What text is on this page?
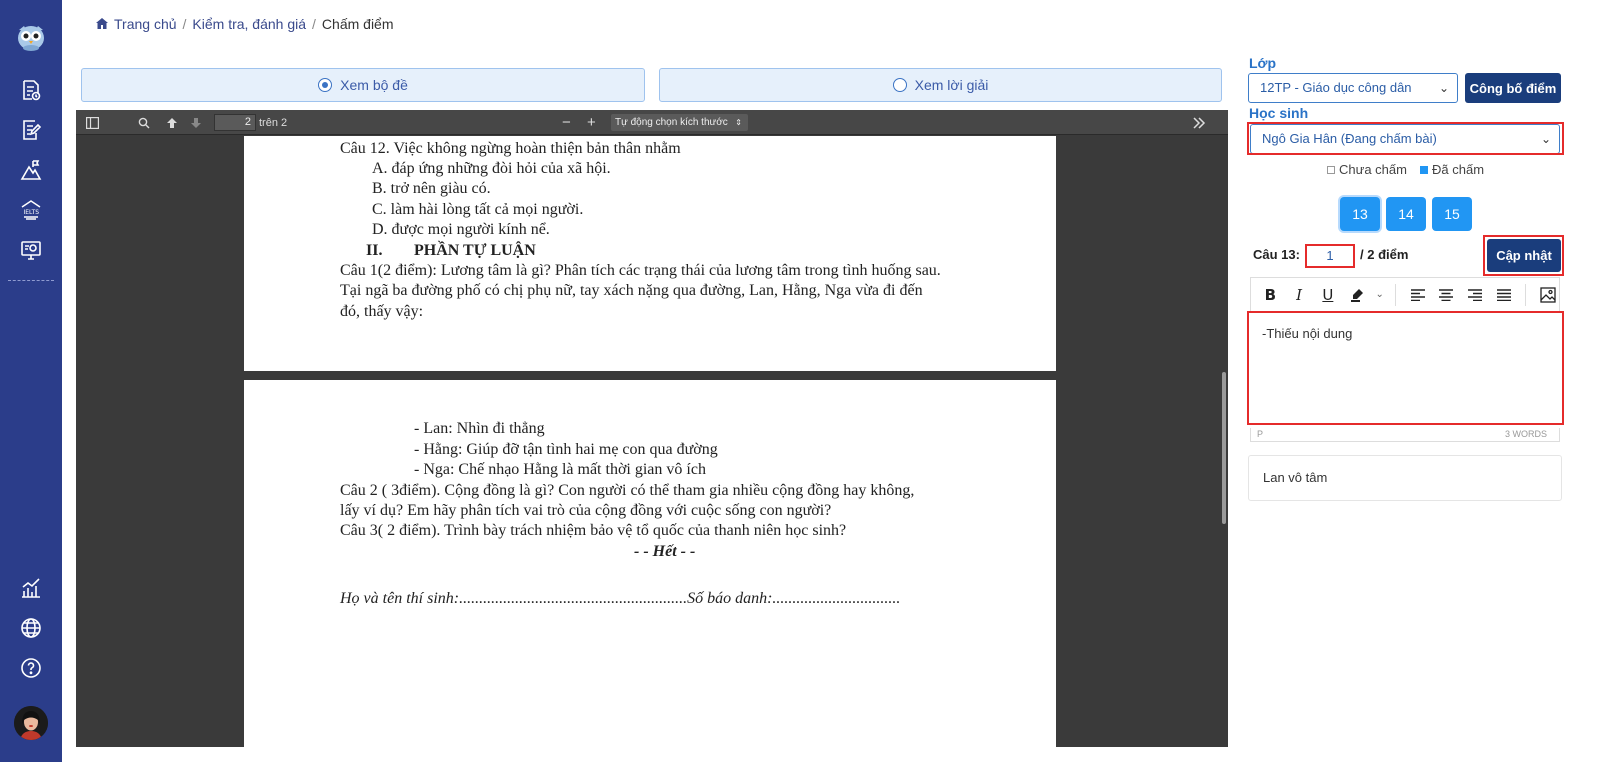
IELTS
Trang chủ / Kiểm tra, đánh giá / Chấm điểm
Xem bộ đề	Xem lời giải
2 trên 2	− +	Tự động chọn kích thước ⇕
Câu 12. Việc không ngừng hoàn thiện bản thân nhằm
A. đáp ứng những đòi hỏi của xã hội.
B. trở nên giàu có.
C. làm hài lòng tất cả mọi người.
D. được mọi người kính nể.
II. PHẦN TỰ LUẬN
Câu 1(2 điểm): Lương tâm là gì? Phân tích các trạng thái của lương tâm trong tình huống sau.
Tại ngã ba đường phố có chị phụ nữ, tay xách nặng qua đường, Lan, Hằng, Nga vừa đi đến
đó, thấy vậy:
- Lan: Nhìn đi thẳng
- Hằng: Giúp đỡ tận tình hai mẹ con qua đường
- Nga: Chế nhạo Hằng là mất thời gian vô ích
Câu 2 ( 3điểm). Cộng đồng là gì? Con người có thể tham gia nhiều cộng đồng hay không,
lấy ví dụ? Em hãy phân tích vai trò của cộng đồng với cuộc sống con người?
Câu 3( 2 điểm). Trình bày trách nhiệm bảo vệ tổ quốc của thanh niên học sinh?
- - Hết - -
Họ và tên thí sinh:.........................................................Số báo danh:................................
Lớp
12TP - Giáo dục công dân ⌄	Công bố điểm
Học sinh
Ngô Gia Hân (Đang chấm bài)	⌄
Chưa chấm Đã chấm
13	14	15
Câu 13:	1	/ 2 điểm	Cập nhật
B	I	U	⌄
-Thiếu nội dung
P	3 WORDS
Lan vô tâm
